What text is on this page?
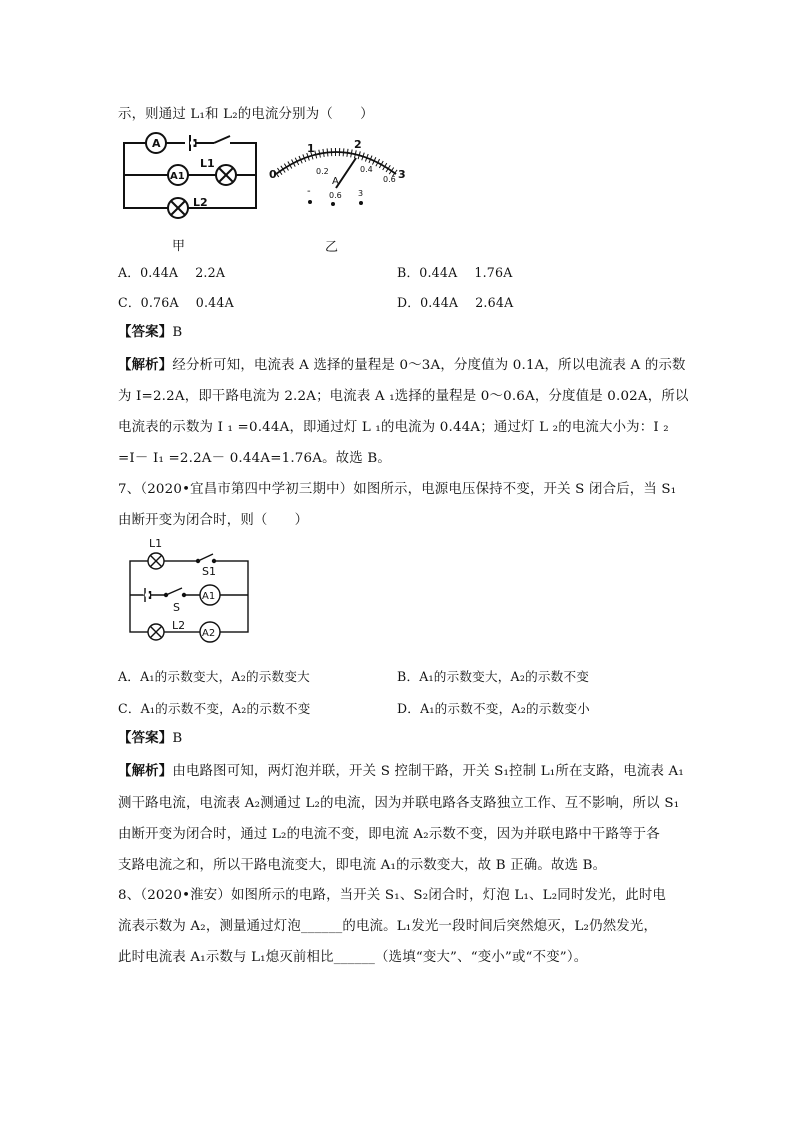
示，则通过 L₁和 L₂的电流分别为（　　）
A
A1
L1
L2
0
1	2
3
0.2	0.4
0.6
A
- 0.6 3
甲	乙
A．0.44A　 2.2A	B．0.44A　 1.76A
C．0.76A　 0.44A	D．0.44A　 2.64A
【答案】B
【解析】经分析可知，电流表 A 选择的量程是 0～3A，分度值为 0.1A，所以电流表 A 的示数
为 I=2.2A，即干路电流为 2.2A；电流表 A ₁选择的量程是 0～0.6A，分度值是 0.02A，所以
电流表的示数为 I ₁ =0.44A，即通过灯 L ₁的电流为 0.44A；通过灯 L ₂的电流大小为：I ₂
=I－ I₁ =2.2A－ 0.44A=1.76A。故选 B。
7、（2020•宜昌市第四中学初三期中）如图所示，电源电压保持不变，开关 S 闭合后，当 S₁
由断开变为闭合时，则（　　）
L1
S1
S
A1
L2
A2
A．A₁的示数变大，A₂的示数变大	B．A₁的示数变大，A₂的示数不变
C．A₁的示数不变，A₂的示数不变	D．A₁的示数不变，A₂的示数变小
【答案】B
【解析】由电路图可知，两灯泡并联，开关 S 控制干路，开关 S₁控制 L₁所在支路，电流表 A₁
测干路电流，电流表 A₂测通过 L₂的电流，因为并联电路各支路独立工作、互不影响，所以 S₁
由断开变为闭合时，通过 L₂的电流不变，即电流 A₂示数不变，因为并联电路中干路等于各
支路电流之和，所以干路电流变大，即电流 A₁的示数变大，故 B 正确。故选 B。
8、（2020•淮安）如图所示的电路，当开关 S₁、S₂闭合时，灯泡 L₁、L₂同时发光，此时电
流表示数为 A₂，测量通过灯泡______的电流。L₁发光一段时间后突然熄灭，L₂仍然发光，
此时电流表 A₁示数与 L₁熄灭前相比______（选填“变大”、“变小”或“不变”）。
